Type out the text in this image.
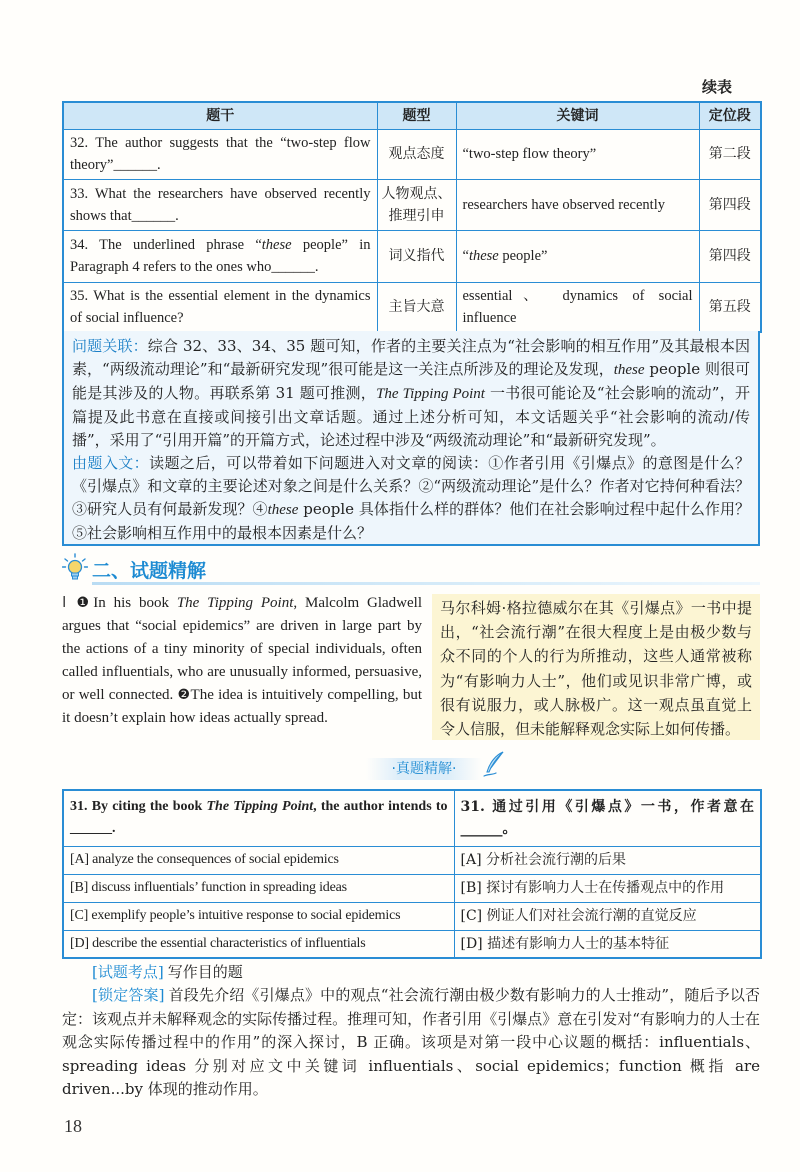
续表
题干	题型	关键词	定位段
32. The author suggests that the “two-step flow theory”______.	观点态度	“two-step flow theory”	第二段
33. What the researchers have observed recently shows that______.	人物观点、推理引申	researchers have observed recently	第四段
34. The underlined phrase “these people” in Paragraph 4 refers to the ones who______.	词义指代	“these people”	第四段
35. What is the essential element in the dynamics of social influence?	主旨大意	essential、 dynamics of social influence	第五段

问题关联：综合 32、33、34、35 题可知，作者的主要关注点为“社会影响的相互作用”及其最根本因素，“两级流动理论”和“最新研究发现”很可能是这一关注点所涉及的理论及发现，these people 则很可能是其涉及的人物。再联系第 31 题可推测，The Tipping Point 一书很可能论及“社会影响的流动”，开篇提及此书意在直接或间接引出文章话题。通过上述分析可知，本文话题关乎“社会影响的流动/传播”，采用了“引用开篇”的开篇方式，论述过程中涉及“两级流动理论”和“最新研究发现”。

由题入文：读题之后，可以带着如下问题进入对文章的阅读：①作者引用《引爆点》的意图是什么？《引爆点》和文章的主要论述对象之间是什么关系？②“两级流动理论”是什么？作者对它持何种看法？③研究人员有何最新发现？④these people 具体指什么样的群体？他们在社会影响过程中起什么作用？⑤社会影响相互作用中的最根本因素是什么？

二、试题精解
Ⅰ ❶In his book The Tipping Point, Malcolm Gladwell argues that “social epidemics” are driven in large part by the actions of a tiny minority of special individuals, often called influentials, who are unusually informed, persuasive, or well connected. ❷The idea is intuitively compelling, but it doesn’t explain how ideas actually spread.
马尔科姆·格拉德威尔在其《引爆点》一书中提出，“社会流行潮”在很大程度上是由极少数与众不同的个人的行为所推动，这些人通常被称为“有影响力人士”，他们或见识非常广博，或很有说服力，或人脉极广。这一观点虽直觉上令人信服，但未能解释观念实际上如何传播。
·真题精解·
31. By citing the book The Tipping Point, the author intends to ______.	31. 通过引用《引爆点》一书，作者意在______。
[A] analyze the consequences of social epidemics	[A] 分析社会流行潮的后果
[B] discuss influentials’ function in spreading ideas	[B] 探讨有影响力人士在传播观点中的作用
[C] exemplify people’s intuitive response to social epidemics	[C] 例证人们对社会流行潮的直觉反应
[D] describe the essential characteristics of influentials	[D] 描述有影响力人士的基本特征

[试题考点] 写作目的题

[锁定答案] 首段先介绍《引爆点》中的观点“社会流行潮由极少数有影响力的人士推动”，随后予以否定：该观点并未解释观念的实际传播过程。推理可知，作者引用《引爆点》意在引发对“有影响力的人士在观念实际传播过程中的作用”的深入探讨，B 正确。该项是对第一段中心议题的概括：influentials、spreading ideas 分别对应文中关键词 influentials、social epidemics；function 概指 are driven...by 体现的推动作用。

18
